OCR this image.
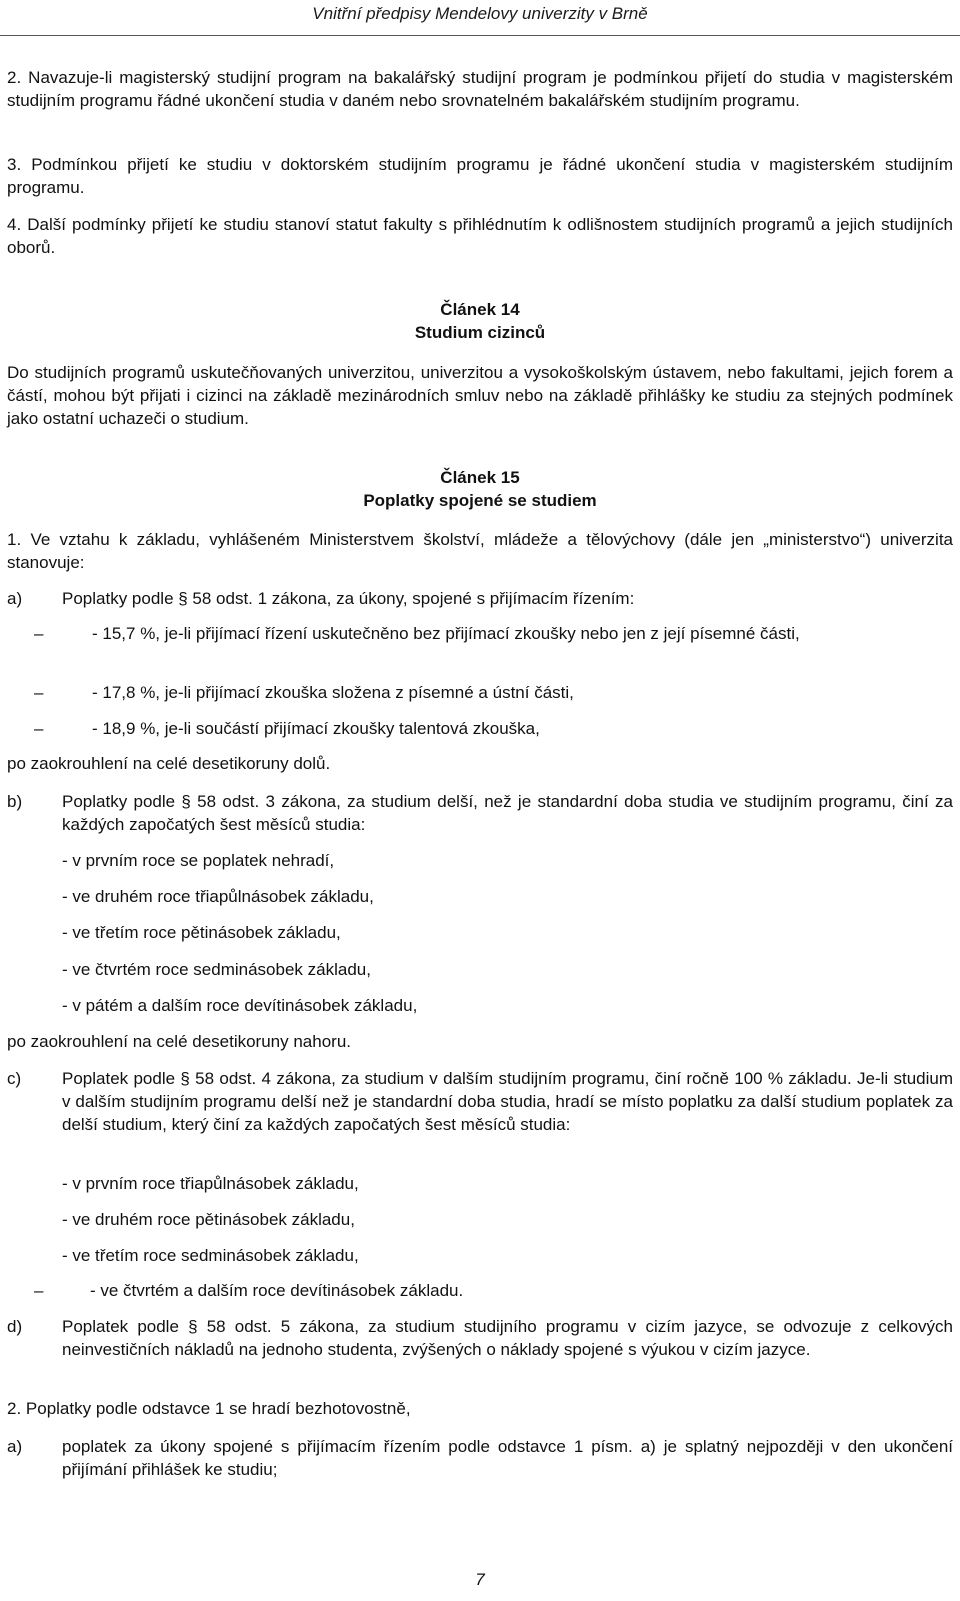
Vnitřní předpisy Mendelovy univerzity v Brně
2. Navazuje-li magisterský studijní program na bakalářský studijní program je podmínkou přijetí do studia v magisterském studijním programu řádné ukončení studia v daném nebo srovnatelném bakalářském studijním programu.
3. Podmínkou přijetí ke studiu v doktorském studijním programu je řádné ukončení studia v magisterském studijním programu.
4. Další podmínky přijetí ke studiu stanoví statut fakulty s přihlédnutím k odlišnostem studijních programů a jejich studijních oborů.
Článek 14
Studium cizinců
Do studijních programů uskutečňovaných univerzitou, univerzitou a vysokoškolským ústavem, nebo fakultami, jejich forem a částí, mohou být přijati i cizinci na základě mezinárodních smluv nebo na základě přihlášky ke studiu za stejných podmínek jako ostatní uchazeči o studium.
Článek 15
Poplatky spojené se studiem
1. Ve vztahu k základu, vyhlášeném Ministerstvem školství, mládeže a tělovýchovy (dále jen „ministerstvo“) univerzita stanovuje:
a) Poplatky podle § 58 odst. 1 zákona, za úkony, spojené s přijímacím řízením:
–	- 15,7 %, je-li přijímací řízení uskutečněno bez přijímací zkoušky nebo jen z její písemné části,
–	- 17,8 %, je-li přijímací zkouška složena z písemné a ústní části,
–	- 18,9 %, je-li součástí přijímací zkoušky talentová zkouška,
po zaokrouhlení na celé desetikoruny dolů.
b) Poplatky podle § 58 odst. 3 zákona, za studium delší, než je standardní doba studia ve studijním programu, činí za každých započatých šest měsíců studia:
- v prvním roce se poplatek nehradí,
- ve druhém roce třiapůlnásobek základu,
- ve třetím roce pětinásobek základu,
- ve čtvrtém roce sedminásobek základu,
- v pátém a dalším roce devítinásobek základu,
po zaokrouhlení na celé desetikoruny nahoru.
c) Poplatek podle § 58 odst. 4 zákona, za studium v dalším studijním programu, činí ročně 100 % základu. Je-li studium v dalším studijním programu delší než je standardní doba studia, hradí se místo poplatku za další studium poplatek za delší studium, který činí za každých započatých šest měsíců studia:
- v prvním roce třiapůlnásobek základu,
- ve druhém roce pětinásobek základu,
- ve třetím roce sedminásobek základu,
–	- ve čtvrtém a dalším roce devítinásobek základu.
d) Poplatek podle § 58 odst. 5 zákona, za studium studijního programu v cizím jazyce, se odvozuje z celkových neinvestičních nákladů na jednoho studenta, zvýšených o náklady spojené s výukou v cizím jazyce.
2. Poplatky podle odstavce 1 se hradí bezhotovostně,
a) poplatek za úkony spojené s přijímacím řízením podle odstavce 1 písm. a) je splatný nejpozději v den ukončení přijímání přihlášek ke studiu;
7
